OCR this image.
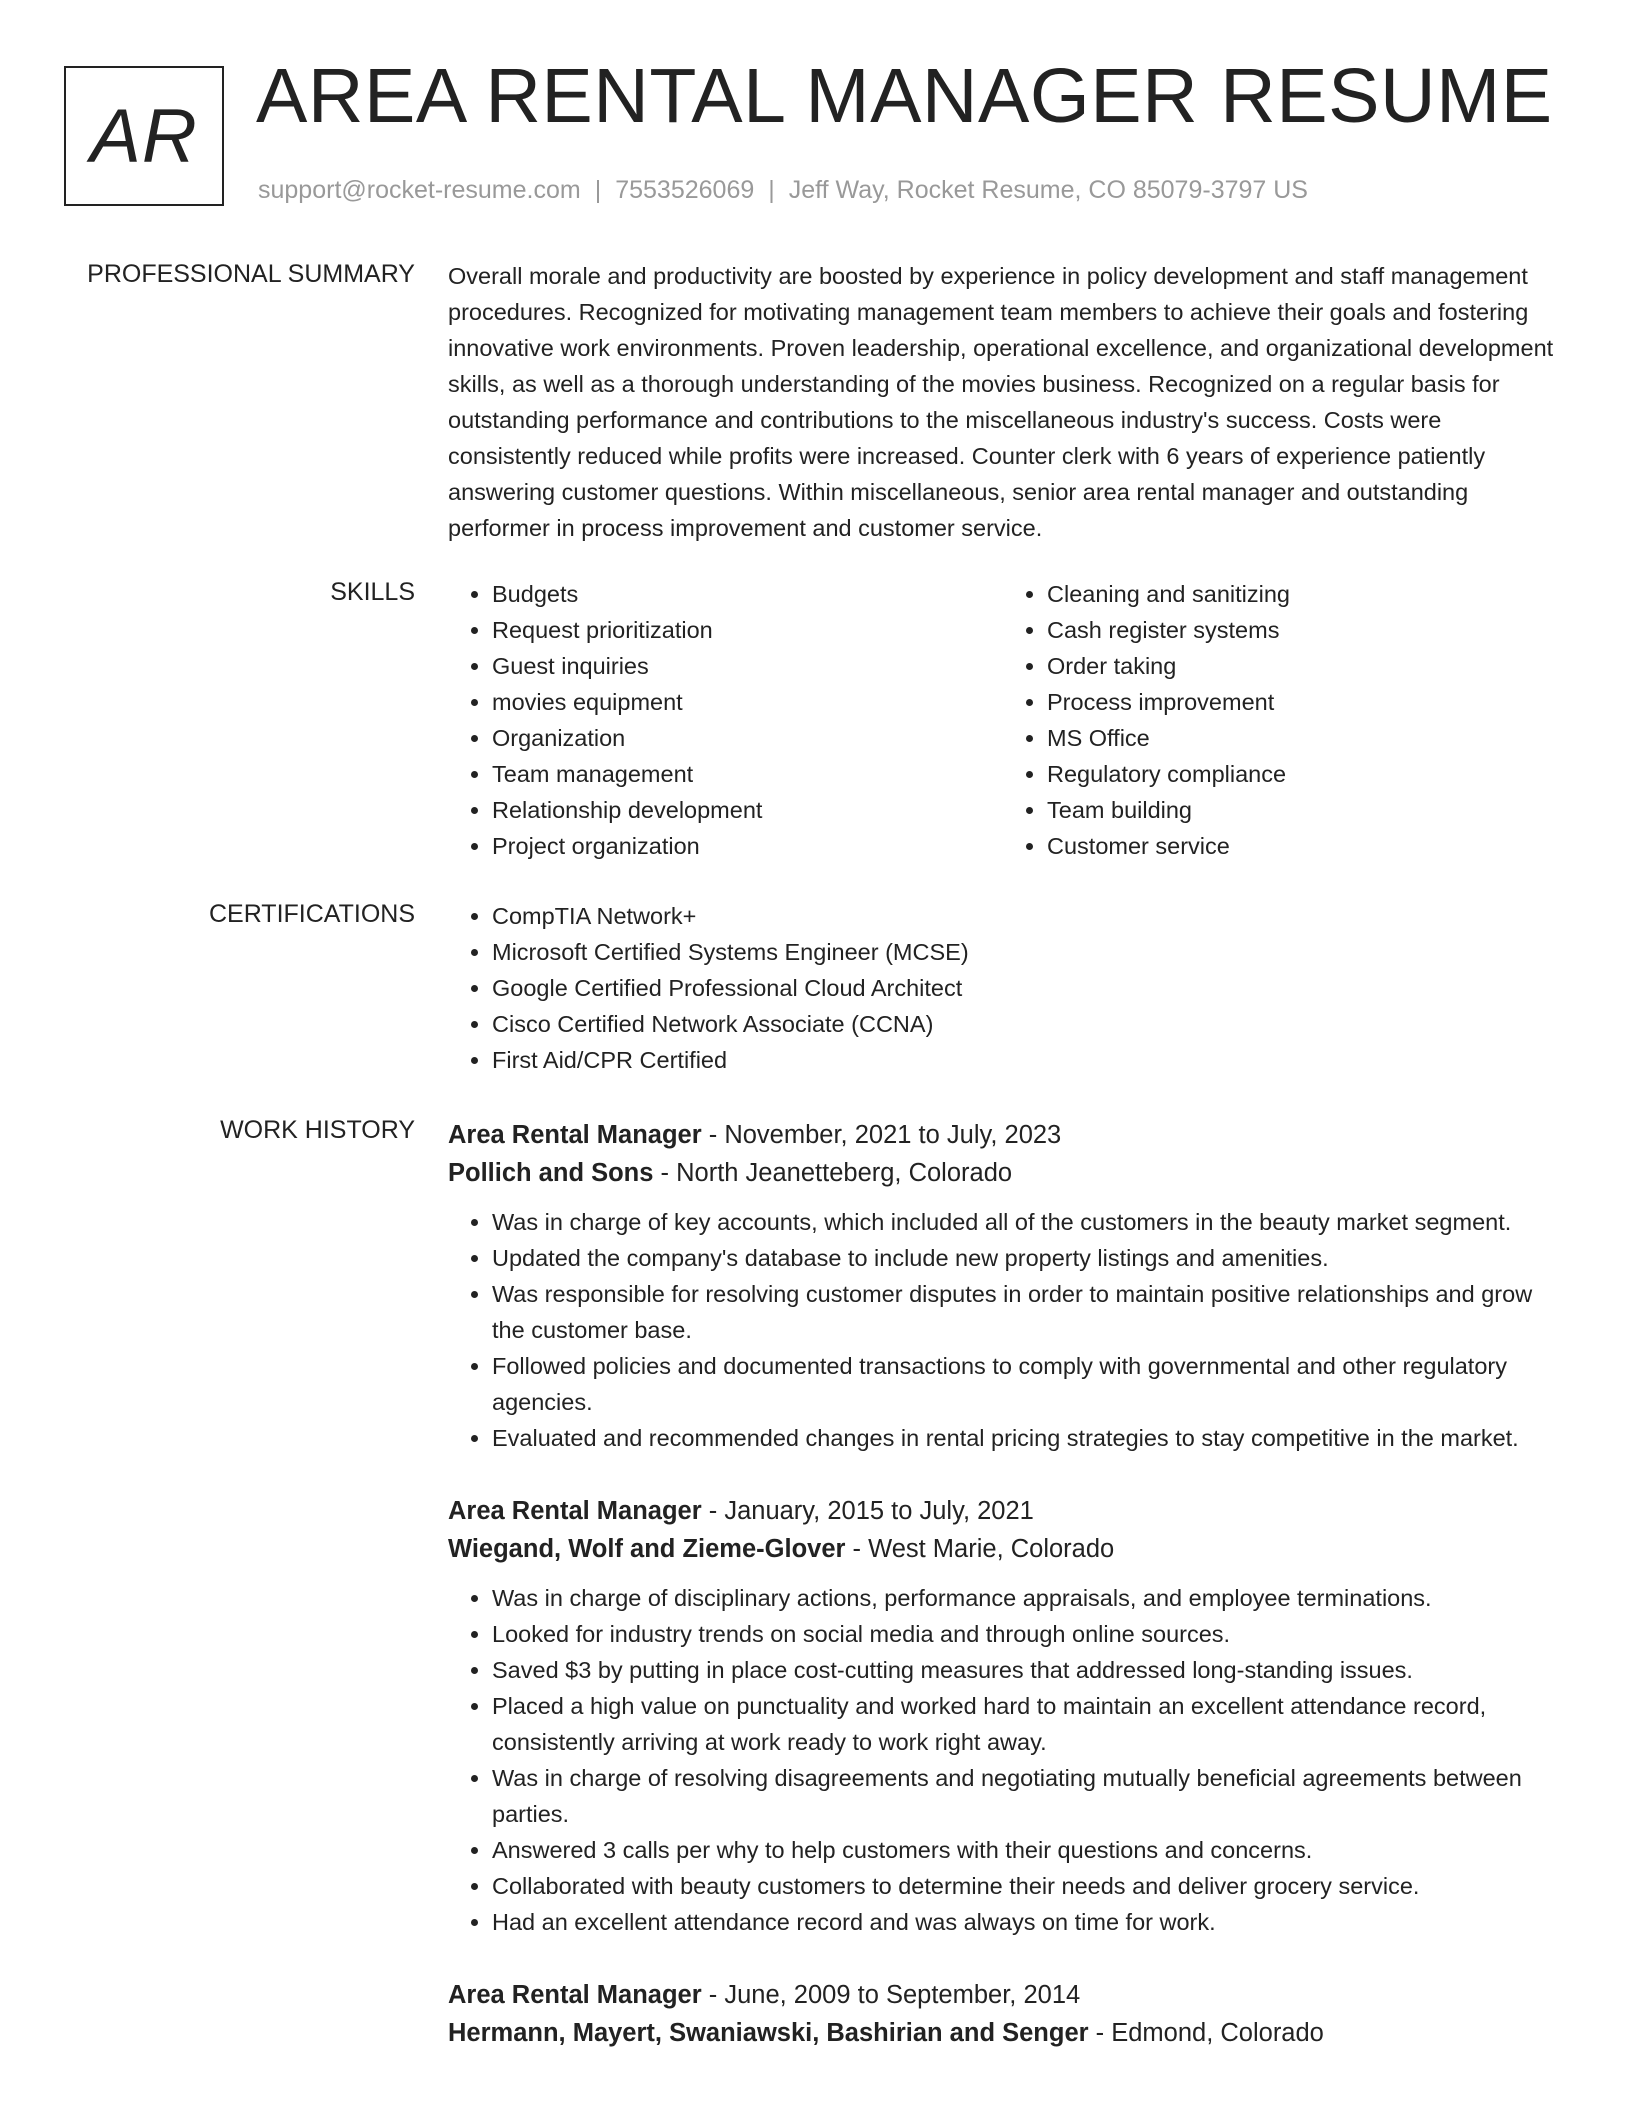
AR AREA RENTAL MANAGER RESUME
support@rocket-resume.com | 7553526069 | Jeff Way, Rocket Resume, CO 85079-3797 US
PROFESSIONAL SUMMARY Overall morale and productivity are boosted by experience in policy development and staff management procedures. Recognized for motivating management team members to achieve their goals and fostering innovative work environments. Proven leadership, operational excellence, and organizational development skills, as well as a thorough understanding of the movies business. Recognized on a regular basis for outstanding performance and contributions to the miscellaneous industry's success. Costs were consistently reduced while profits were increased. Counter clerk with 6 years of experience patiently answering customer questions. Within miscellaneous, senior area rental manager and outstanding performer in process improvement and customer service.

SKILLS	• Budgets
• Request prioritization
• Guest inquiries
• movies equipment
• Organization
• Team management
• Relationship development
• Project organization
• Cleaning and sanitizing
• Cash register systems
• Order taking
• Process improvement
• MS Office
• Regulatory compliance
• Team building
• Customer service
CERTIFICATIONS	• CompTIA Network+
• Microsoft Certified Systems Engineer (MCSE)
• Google Certified Professional Cloud Architect
• Cisco Certified Network Associate (CCNA)
• First Aid/CPR Certified
WORK HISTORY Area Rental Manager - November, 2021 to July, 2023

Pollich and Sons - North Jeanetteberg, Colorado

• Was in charge of key accounts, which included all of the customers in the beauty market segment.
• Updated the company's database to include new property listings and amenities.
• Was responsible for resolving customer disputes in order to maintain positive relationships and grow the customer base.
• Followed policies and documented transactions to comply with governmental and other regulatory agencies.
• Evaluated and recommended changes in rental pricing strategies to stay competitive in the market.

Area Rental Manager - January, 2015 to July, 2021

Wiegand, Wolf and Zieme-Glover - West Marie, Colorado

• Was in charge of disciplinary actions, performance appraisals, and employee terminations.
• Looked for industry trends on social media and through online sources.
• Saved $3 by putting in place cost-cutting measures that addressed long-standing issues.
• Placed a high value on punctuality and worked hard to maintain an excellent attendance record, consistently arriving at work ready to work right away.
• Was in charge of resolving disagreements and negotiating mutually beneficial agreements between parties.
• Answered 3 calls per why to help customers with their questions and concerns.
• Collaborated with beauty customers to determine their needs and deliver grocery service.
• Had an excellent attendance record and was always on time for work.

Area Rental Manager - June, 2009 to September, 2014

Hermann, Mayert, Swaniawski, Bashirian and Senger - Edmond, Colorado
